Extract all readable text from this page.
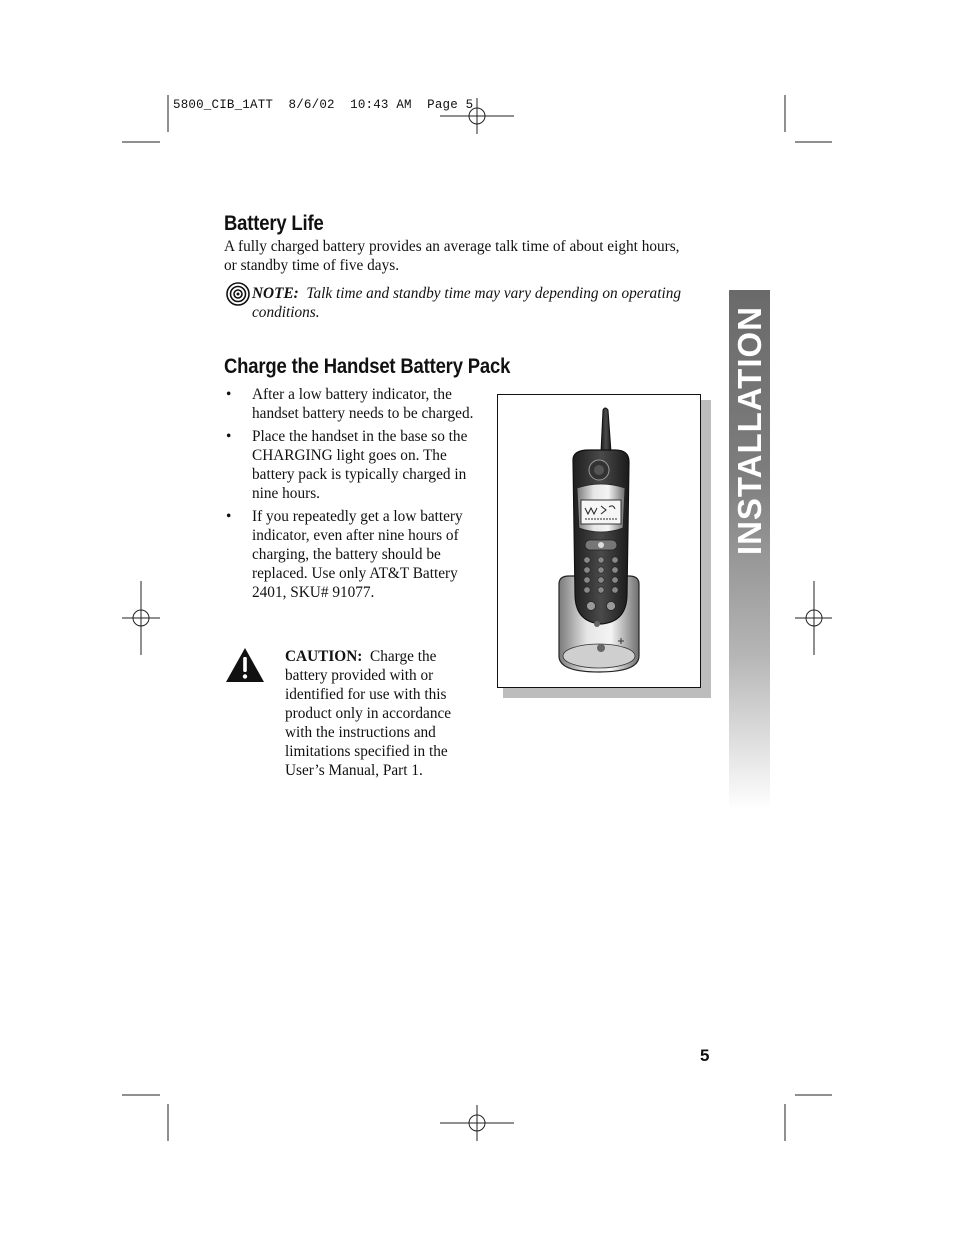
5800_CIB_1ATT  8/6/02  10:43 AM  Page 5
INSTALLATION
Battery Life
A fully charged battery provides an average talk time of about eight hours, or standby time of five days.
NOTE: Talk time and standby time may vary depending on operating conditions.
Charge the Handset Battery Pack
• After a low battery indicator, the handset battery needs to be charged.
• Place the handset in the base so the CHARGING light goes on. The battery pack is typically charged in nine hours.
• If you repeatedly get a low battery indicator, even after nine hours of charging, the battery should be replaced. Use only AT&T Battery 2401, SKU# 91077.
CAUTION: Charge the battery provided with or identified for use with this product only in accordance with the instructions and limitations specified in the User’s Manual, Part 1.
5
